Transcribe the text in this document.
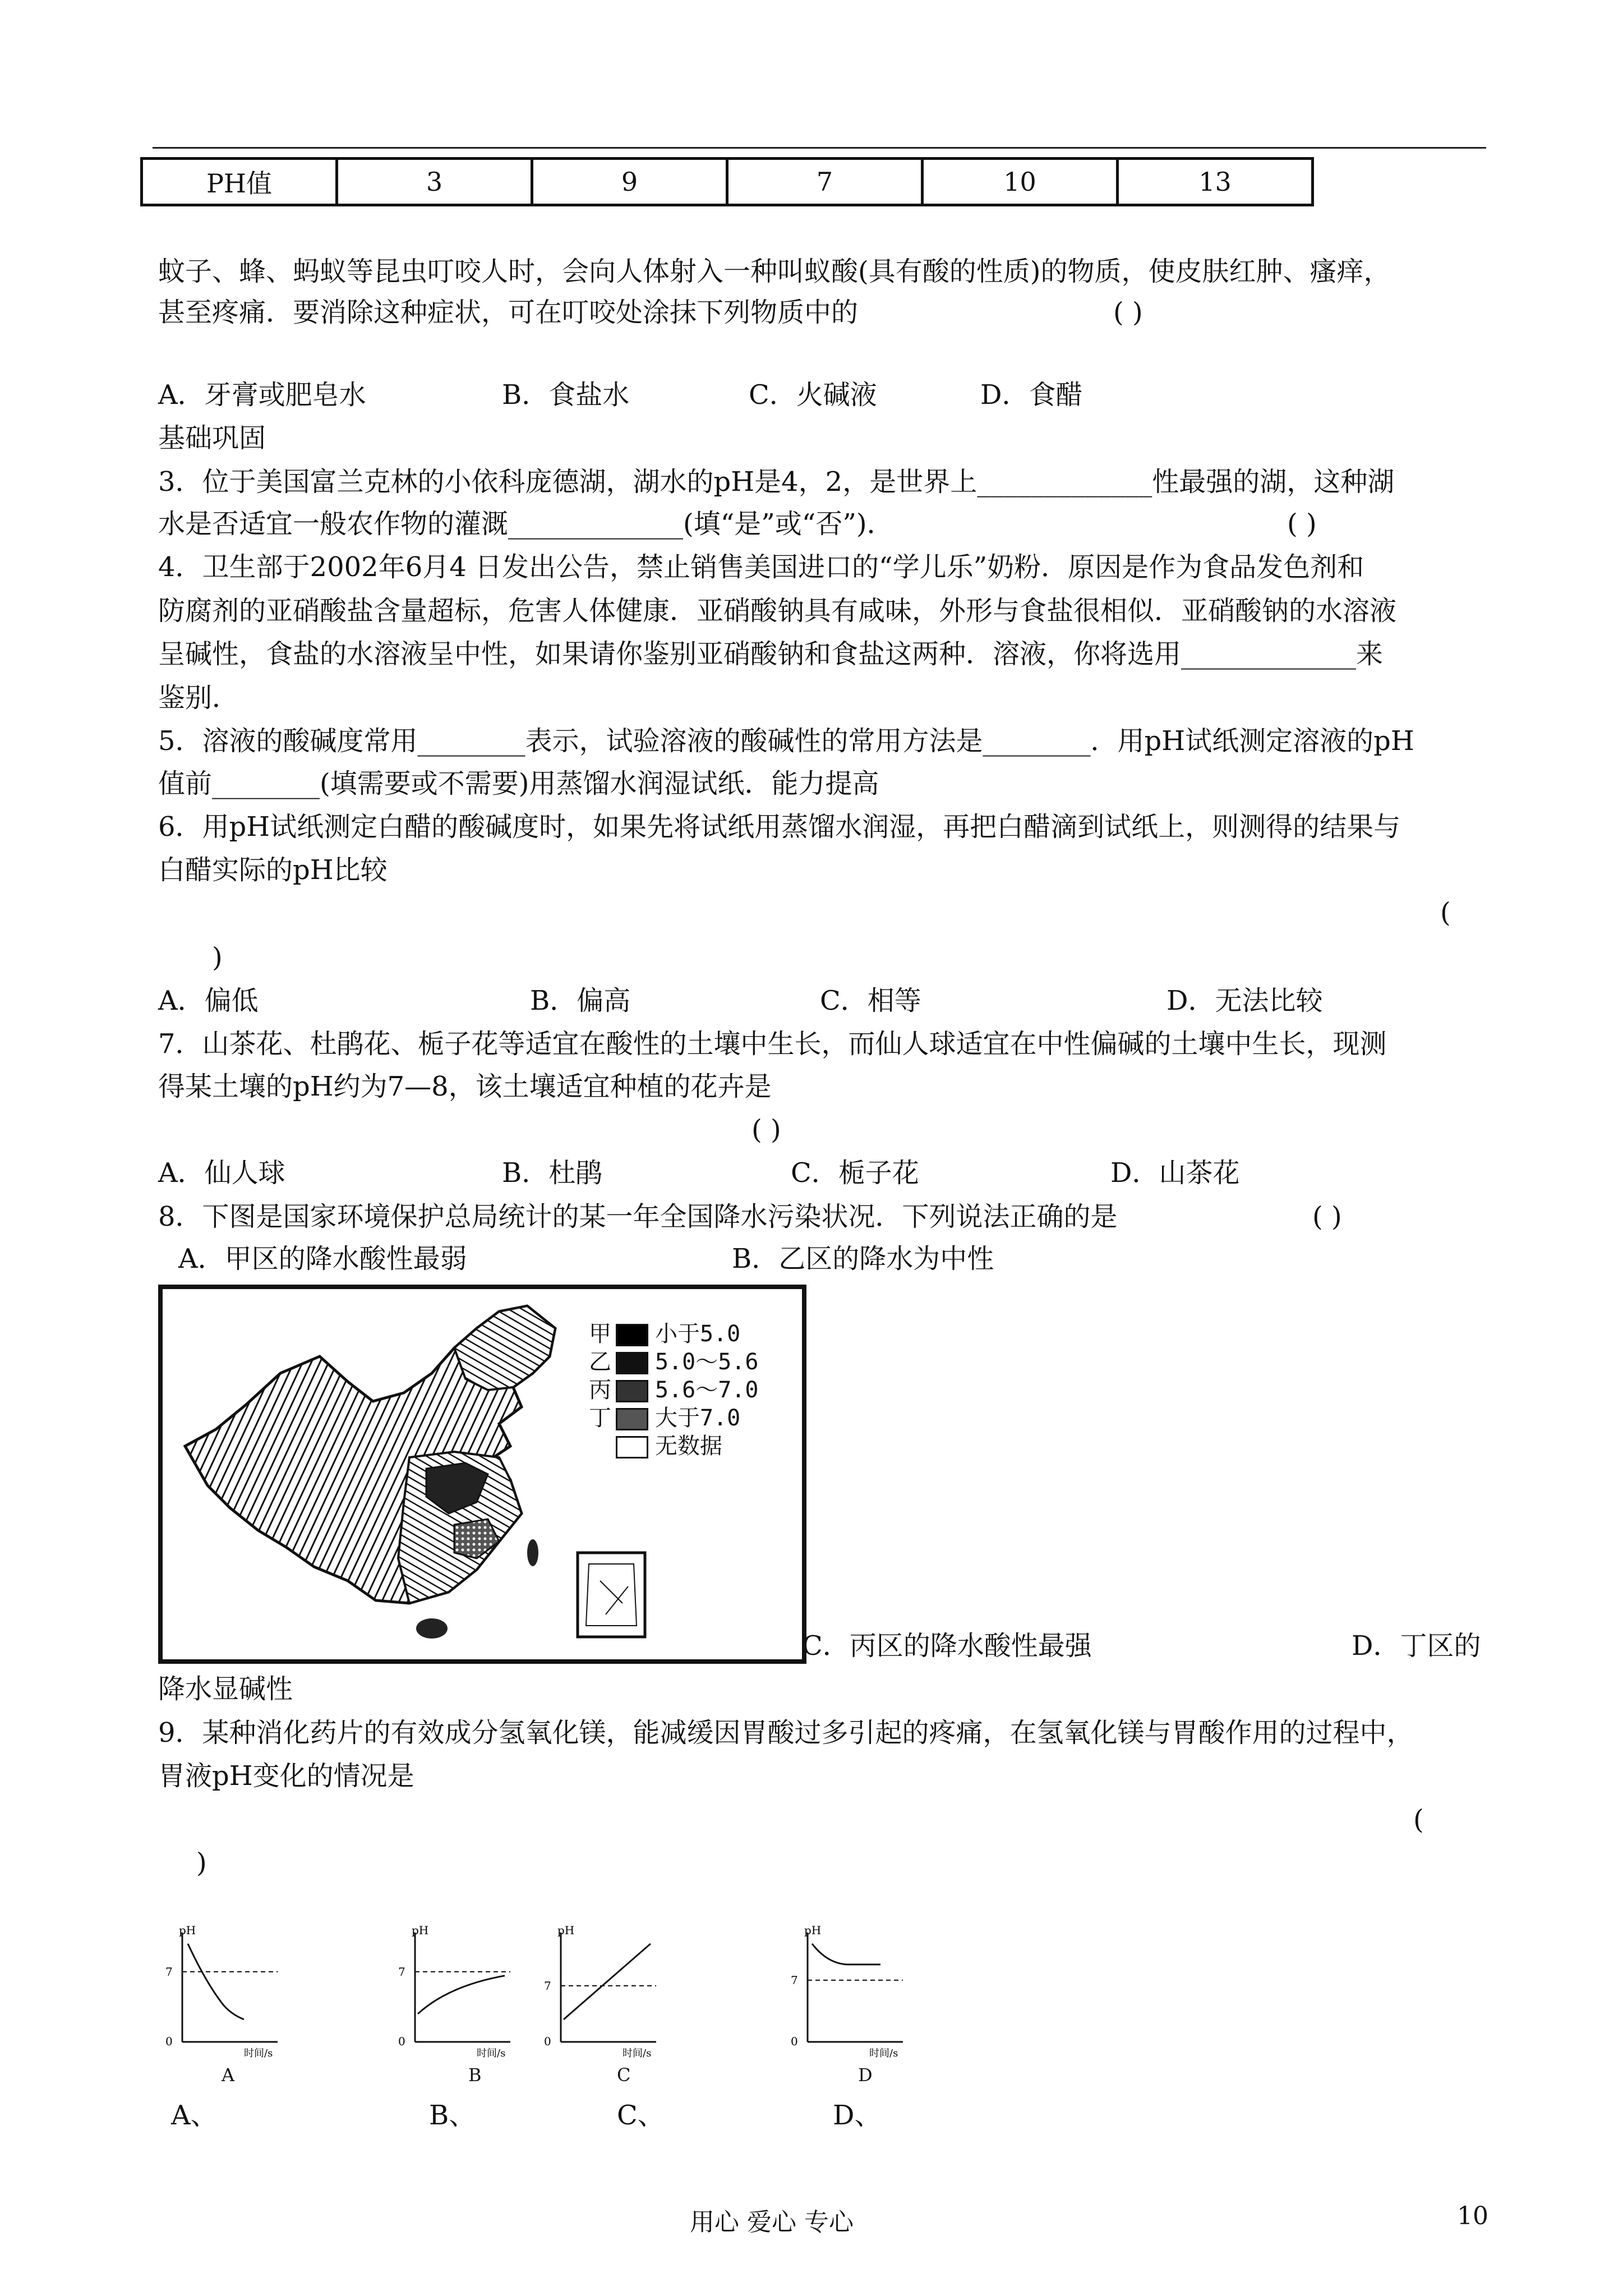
PH值	3	9	7	10	13
蚊子、蜂、蚂蚁等昆虫叮咬人时，会向人体射入一种叫蚁酸(具有酸的性质)的物质，使皮肤红肿、瘙痒，
甚至疼痛．要消除这种症状，可在叮咬处涂抹下列物质中的	( )
A．牙膏或肥皂水	B．食盐水	C．火碱液	D．食醋
基础巩固
3．位于美国富兰克林的小依科庞德湖，湖水的pH是4，2，是世界上_____________性最强的湖，这种湖
水是否适宜一般农作物的灌溉_____________(填“是”或“否”)．	( )
4．卫生部于2002年6月4 日发出公告，禁止销售美国进口的“学儿乐”奶粉．原因是作为食品发色剂和
防腐剂的亚硝酸盐含量超标，危害人体健康．亚硝酸钠具有咸味，外形与食盐很相似．亚硝酸钠的水溶液
呈碱性，食盐的水溶液呈中性，如果请你鉴别亚硝酸钠和食盐这两种．溶液，你将选用_____________来
鉴别．
5．溶液的酸碱度常用________表示，试验溶液的酸碱性的常用方法是________．用pH试纸测定溶液的pH
值前________(填需要或不需要)用蒸馏水润湿试纸．能力提高
6．用pH试纸测定白醋的酸碱度时，如果先将试纸用蒸馏水润湿，再把白醋滴到试纸上，则测得的结果与
白醋实际的pH比较
(
)
A．偏低	B．偏高	C．相等	D．无法比较
7．山茶花、杜鹃花、栀子花等适宜在酸性的土壤中生长，而仙人球适宜在中性偏碱的土壤中生长，现测
得某土壤的pH约为7—8，该土壤适宜种植的花卉是
( )
A．仙人球	B．杜鹃	C．栀子花	D．山茶花
8．下图是国家环境保护总局统计的某一年全国降水污染状况．下列说法正确的是	( )
A．甲区的降水酸性最弱	B．乙区的降水为中性
甲 小于5.0
乙 5.0～5.6
丙 5.6～7.0
丁 大于7.0
无数据
C．丙区的降水酸性最强	D．丁区的
降水显碱性
9．某种消化药片的有效成分氢氧化镁，能减缓因胃酸过多引起的疼痛，在氢氧化镁与胃酸作用的过程中，
胃液pH变化的情况是
(
)
pH
7
0
时间/s
pH
7
0
时间/s
pH
7
0
时间/s
pH
7
0
时间/s
A	B	C	D
A、	B、	C、	D、
用心 爱心 专心	10
